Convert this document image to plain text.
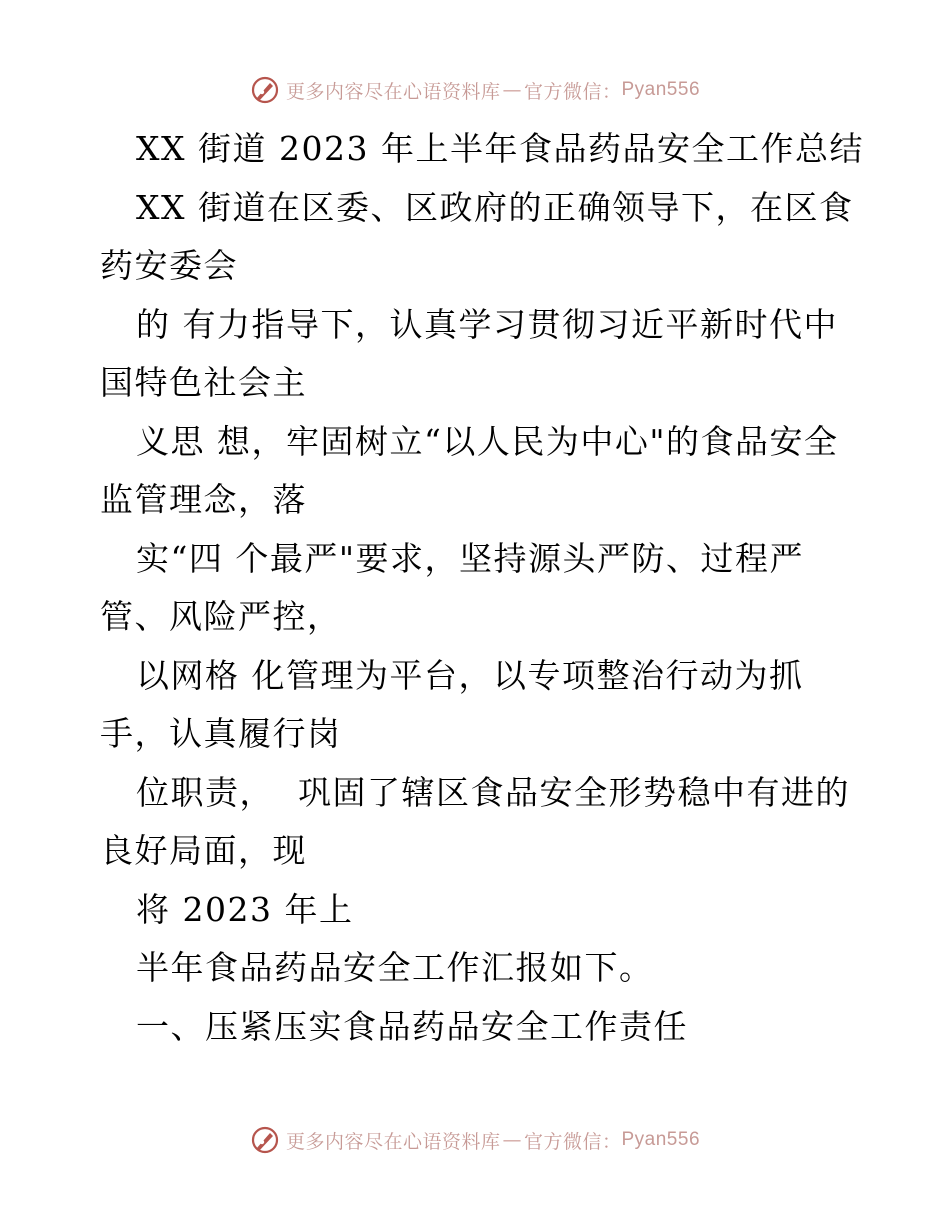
更多内容尽在心语资料库 — 官方微信： Pyan556
XX 街道 2023 年上半年食品药品安全工作总结
XX 街道在区委、区政府的正确领导下，在区食
药安委会
的 有力指导下，认真学习贯彻习近平新时代中
国特色社会主
义思 想，牢固树立“以人民为中心"的食品安全
监管理念，落
实“四 个最严"要求，坚持源头严防、过程严
管、风险严控，
以网格 化管理为平台，以专项整治行动为抓
手，认真履行岗
位职责，  巩固了辖区食品安全形势稳中有进的
良好局面，现
将 2023 年上
半年食品药品安全工作汇报如下。
一、压紧压实食品药品安全工作责任
更多内容尽在心语资料库 — 官方微信： Pyan556
